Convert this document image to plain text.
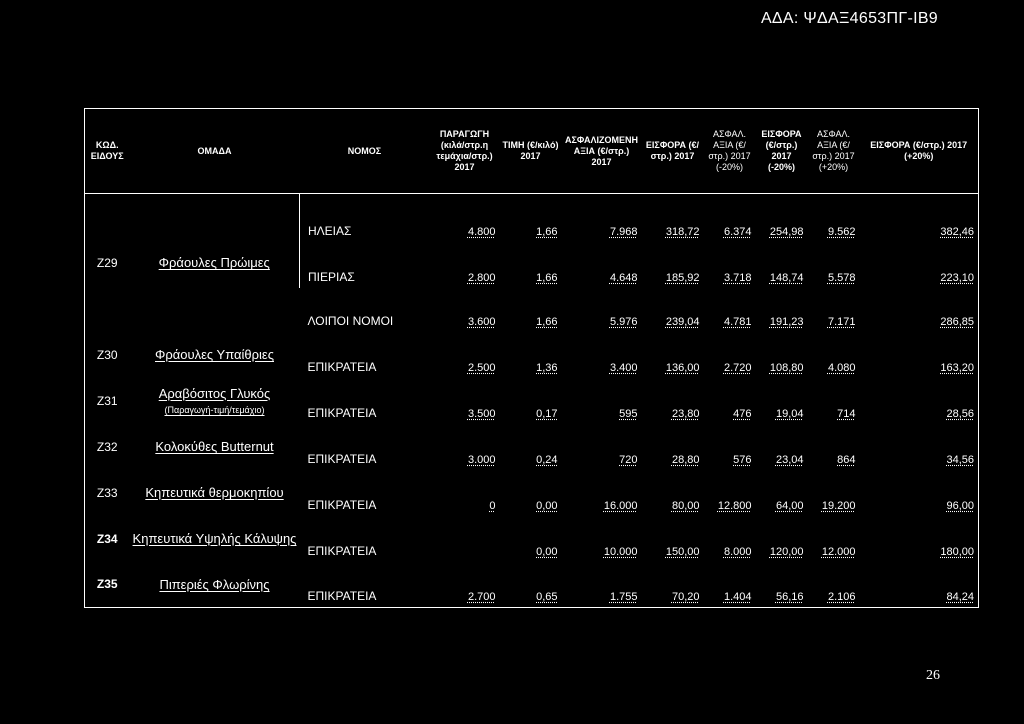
ΑΔΑ: ΨΔΑΞ4653ΠΓ-ΙΒ9
ΚΩΔ. ΕΙΔΟΥΣ	ΟΜΑΔΑ	ΝΟΜΟΣ	ΠΑΡΑΓΩΓΗ (κιλά/στρ.η τεμάχια/στρ.) 2017	ΤΙΜΗ (€/κιλό) 2017	ΑΣΦΑΛΙΖΟΜΕΝΗ ΑΞΙΑ (€/στρ.) 2017	ΕΙΣΦΟΡΑ (€/στρ.) 2017	ΑΣΦΑΛ. ΑΞΙΑ (€/στρ.) 2017 (-20%)	ΕΙΣΦΟΡΑ (€/στρ.) 2017 (-20%)	ΑΣΦΑΛ. ΑΞΙΑ (€/στρ.) 2017 (+20%)	ΕΙΣΦΟΡΑ (€/στρ.) 2017 (+20%)
Ζ29	Φράουλες Πρώιμες	ΗΛΕΙΑΣ	4.800	1,66	7.968	318,72	6.374	254,98	9.562	382,46
		ΠΙΕΡΙΑΣ	2.800	1,66	4.648	185,92	3.718	148,74	5.578	223,10
		ΛΟΙΠΟΙ ΝΟΜΟΙ	3.600	1,66	5.976	239,04	4.781	191,23	7.171	286,85
Ζ30	Φράουλες Υπαίθριες	ΕΠΙΚΡΑΤΕΙΑ	2.500	1,36	3.400	136,00	2.720	108,80	4.080	163,20
Ζ31	Αραβόσιτος Γλυκός (Παραγωγή-τιμή/τεμάχιο)	ΕΠΙΚΡΑΤΕΙΑ	3.500	0,17	595	23,80	476	19,04	714	28,56
Ζ32	Κολοκύθες Butternut	ΕΠΙΚΡΑΤΕΙΑ	3.000	0,24	720	28,80	576	23,04	864	34,56
Ζ33	Κηπευτικά θερμοκηπίου	ΕΠΙΚΡΑΤΕΙΑ	0	0,00	16.000	80,00	12.800	64,00	19.200	96,00
Ζ34	Κηπευτικά Υψηλής Κάλυψης	ΕΠΙΚΡΑΤΕΙΑ		0,00	10.000	150,00	8.000	120,00	12.000	180,00
Ζ35	Πιπεριές Φλωρίνης	ΕΠΙΚΡΑΤΕΙΑ	2.700	0,65	1.755	70,20	1.404	56,16	2.106	84,24
26
